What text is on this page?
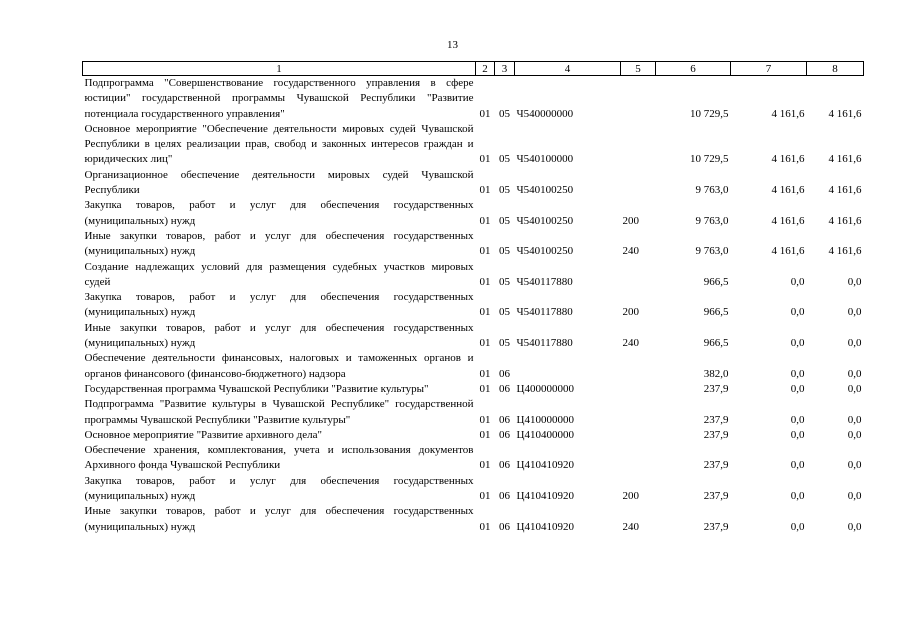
13
1	2	3	4	5	6	7	8
Подпрограмма "Совершенствование государственного управления в сфере юстиции" государственной программы Чувашской Республики "Развитие потенциала государственного управления"	01	05	Ч540000000		10 729,5	4 161,6	4 161,6
Основное мероприятие "Обеспечение деятельности мировых судей Чувашской Республики в целях реализации прав, свобод и законных интересов граждан и юридических лиц"	01	05	Ч540100000		10 729,5	4 161,6	4 161,6
Организационное обеспечение деятельности мировых судей Чувашской Республики	01	05	Ч540100250		9 763,0	4 161,6	4 161,6
Закупка товаров, работ и услуг для обеспечения государственных (муниципальных) нужд	01	05	Ч540100250	200	9 763,0	4 161,6	4 161,6
Иные закупки товаров, работ и услуг для обеспечения государственных (муниципальных) нужд	01	05	Ч540100250	240	9 763,0	4 161,6	4 161,6
Создание надлежащих условий для размещения судебных участков мировых судей	01	05	Ч540117880		966,5	0,0	0,0
Закупка товаров, работ и услуг для обеспечения государственных (муниципальных) нужд	01	05	Ч540117880	200	966,5	0,0	0,0
Иные закупки товаров, работ и услуг для обеспечения государственных (муниципальных) нужд	01	05	Ч540117880	240	966,5	0,0	0,0
Обеспечение деятельности финансовых, налоговых и таможенных органов и органов финансового (финансово-бюджетного) надзора	01	06			382,0	0,0	0,0
Государственная программа Чувашской Республики "Развитие культуры"	01	06	Ц400000000		237,9	0,0	0,0
Подпрограмма "Развитие культуры в Чувашской Республике" государственной программы Чувашской Республики "Развитие культуры"	01	06	Ц410000000		237,9	0,0	0,0
Основное мероприятие "Развитие архивного дела"	01	06	Ц410400000		237,9	0,0	0,0
Обеспечение хранения, комплектования, учета и использования документов Архивного фонда Чувашской Республики	01	06	Ц410410920		237,9	0,0	0,0
Закупка товаров, работ и услуг для обеспечения государственных (муниципальных) нужд	01	06	Ц410410920	200	237,9	0,0	0,0
Иные закупки товаров, работ и услуг для обеспечения государственных (муниципальных) нужд	01	06	Ц410410920	240	237,9	0,0	0,0
